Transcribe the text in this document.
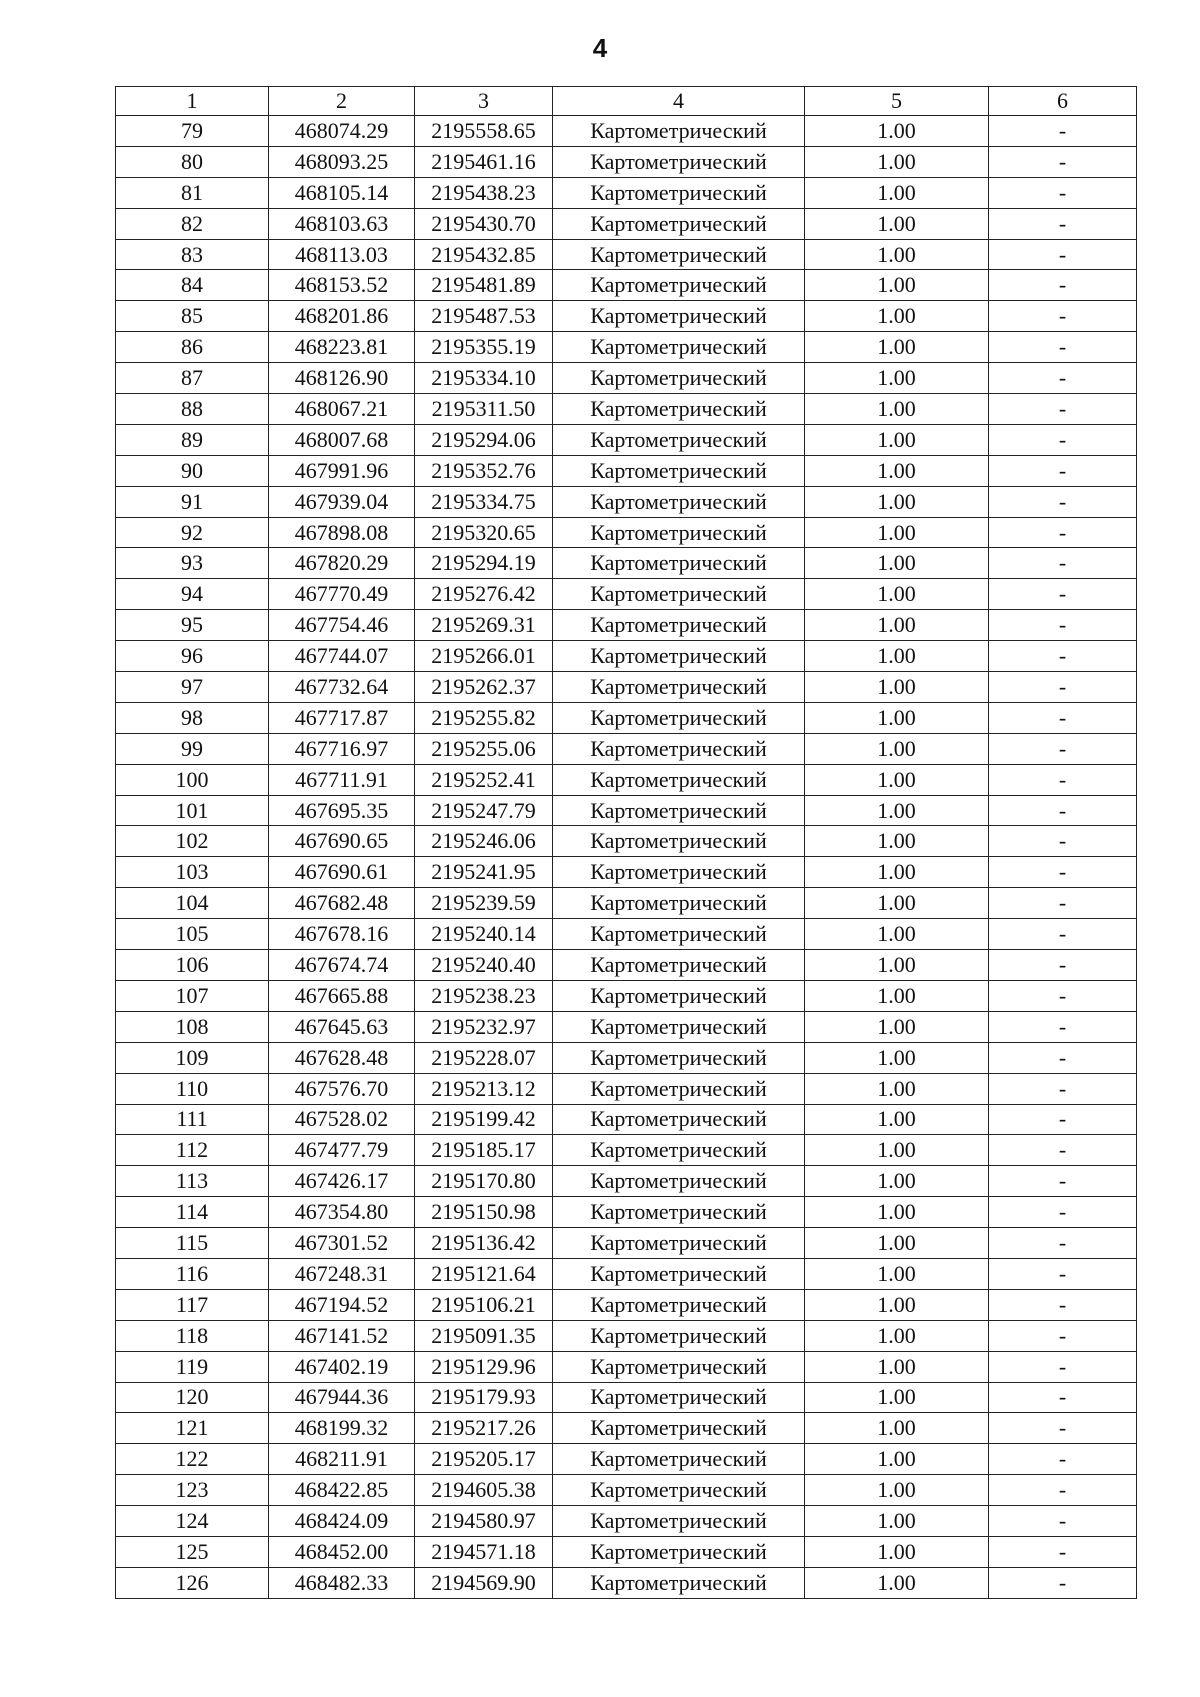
4
1	2	3	4	5	6
79	468074.29	2195558.65	Картометрический	1.00	-
80	468093.25	2195461.16	Картометрический	1.00	-
81	468105.14	2195438.23	Картометрический	1.00	-
82	468103.63	2195430.70	Картометрический	1.00	-
83	468113.03	2195432.85	Картометрический	1.00	-
84	468153.52	2195481.89	Картометрический	1.00	-
85	468201.86	2195487.53	Картометрический	1.00	-
86	468223.81	2195355.19	Картометрический	1.00	-
87	468126.90	2195334.10	Картометрический	1.00	-
88	468067.21	2195311.50	Картометрический	1.00	-
89	468007.68	2195294.06	Картометрический	1.00	-
90	467991.96	2195352.76	Картометрический	1.00	-
91	467939.04	2195334.75	Картометрический	1.00	-
92	467898.08	2195320.65	Картометрический	1.00	-
93	467820.29	2195294.19	Картометрический	1.00	-
94	467770.49	2195276.42	Картометрический	1.00	-
95	467754.46	2195269.31	Картометрический	1.00	-
96	467744.07	2195266.01	Картометрический	1.00	-
97	467732.64	2195262.37	Картометрический	1.00	-
98	467717.87	2195255.82	Картометрический	1.00	-
99	467716.97	2195255.06	Картометрический	1.00	-
100	467711.91	2195252.41	Картометрический	1.00	-
101	467695.35	2195247.79	Картометрический	1.00	-
102	467690.65	2195246.06	Картометрический	1.00	-
103	467690.61	2195241.95	Картометрический	1.00	-
104	467682.48	2195239.59	Картометрический	1.00	-
105	467678.16	2195240.14	Картометрический	1.00	-
106	467674.74	2195240.40	Картометрический	1.00	-
107	467665.88	2195238.23	Картометрический	1.00	-
108	467645.63	2195232.97	Картометрический	1.00	-
109	467628.48	2195228.07	Картометрический	1.00	-
110	467576.70	2195213.12	Картометрический	1.00	-
111	467528.02	2195199.42	Картометрический	1.00	-
112	467477.79	2195185.17	Картометрический	1.00	-
113	467426.17	2195170.80	Картометрический	1.00	-
114	467354.80	2195150.98	Картометрический	1.00	-
115	467301.52	2195136.42	Картометрический	1.00	-
116	467248.31	2195121.64	Картометрический	1.00	-
117	467194.52	2195106.21	Картометрический	1.00	-
118	467141.52	2195091.35	Картометрический	1.00	-
119	467402.19	2195129.96	Картометрический	1.00	-
120	467944.36	2195179.93	Картометрический	1.00	-
121	468199.32	2195217.26	Картометрический	1.00	-
122	468211.91	2195205.17	Картометрический	1.00	-
123	468422.85	2194605.38	Картометрический	1.00	-
124	468424.09	2194580.97	Картометрический	1.00	-
125	468452.00	2194571.18	Картометрический	1.00	-
126	468482.33	2194569.90	Картометрический	1.00	-
